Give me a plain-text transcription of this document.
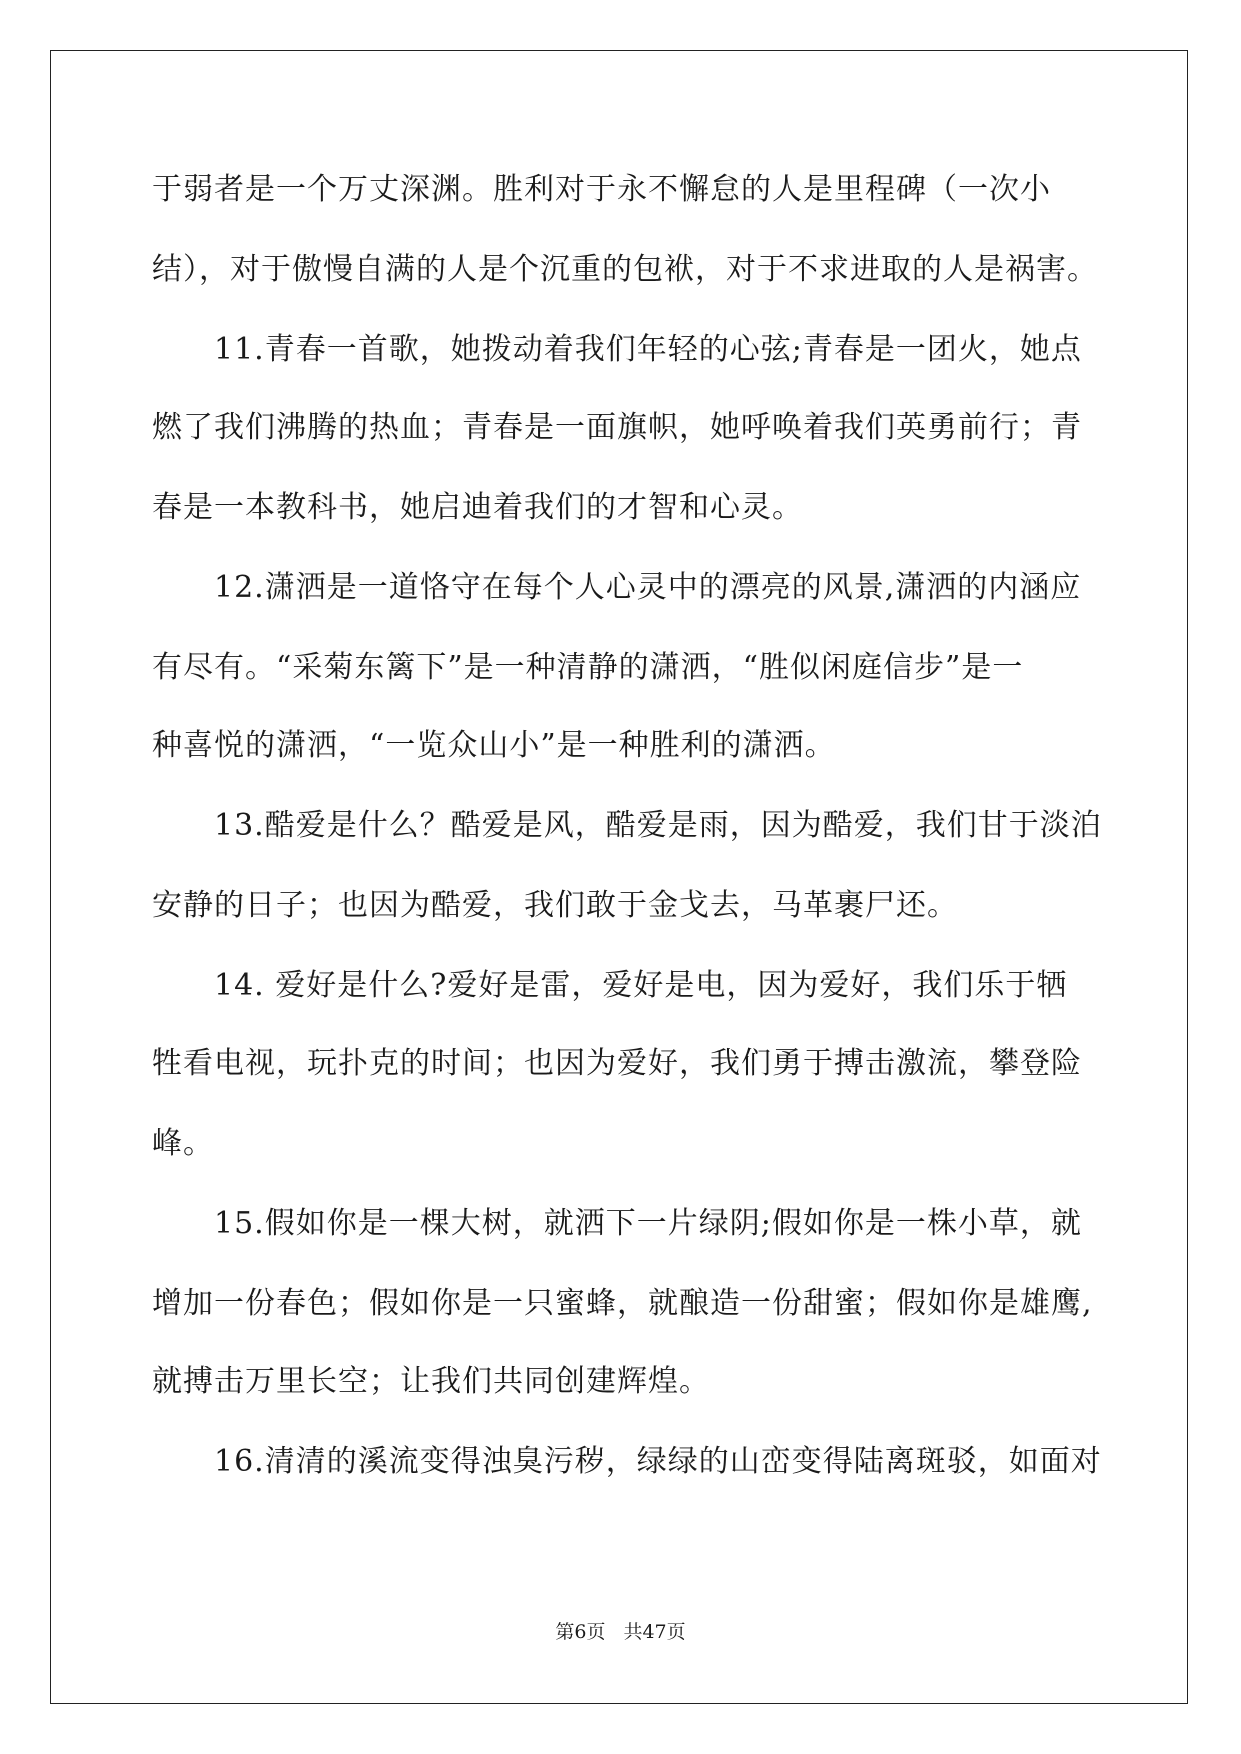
于弱者是一个万丈深渊。胜利对于永不懈怠的人是里程碑（一次小
结），对于傲慢自满的人是个沉重的包袱，对于不求进取的人是祸害。
11.青春一首歌，她拨动着我们年轻的心弦;青春是一团火，她点
燃了我们沸腾的热血；青春是一面旗帜，她呼唤着我们英勇前行；青
春是一本教科书，她启迪着我们的才智和心灵。
12.潇洒是一道恪守在每个人心灵中的漂亮的风景,潇洒的内涵应
有尽有。“采菊东篱下”是一种清静的潇洒，“胜似闲庭信步”是一
种喜悦的潇洒，“一览众山小”是一种胜利的潇洒。
13.酷爱是什么？酷爱是风，酷爱是雨，因为酷爱，我们甘于淡泊
安静的日子；也因为酷爱，我们敢于金戈去，马革裹尸还。
14. 爱好是什么?爱好是雷，爱好是电，因为爱好，我们乐于牺
牲看电视，玩扑克的时间；也因为爱好，我们勇于搏击激流，攀登险
峰。
15.假如你是一棵大树，就洒下一片绿阴;假如你是一株小草，就
增加一份春色；假如你是一只蜜蜂，就酿造一份甜蜜；假如你是雄鹰,
就搏击万里长空；让我们共同创建辉煌。
16.清清的溪流变得浊臭污秽，绿绿的山峦变得陆离斑驳，如面对
第6页 共47页
